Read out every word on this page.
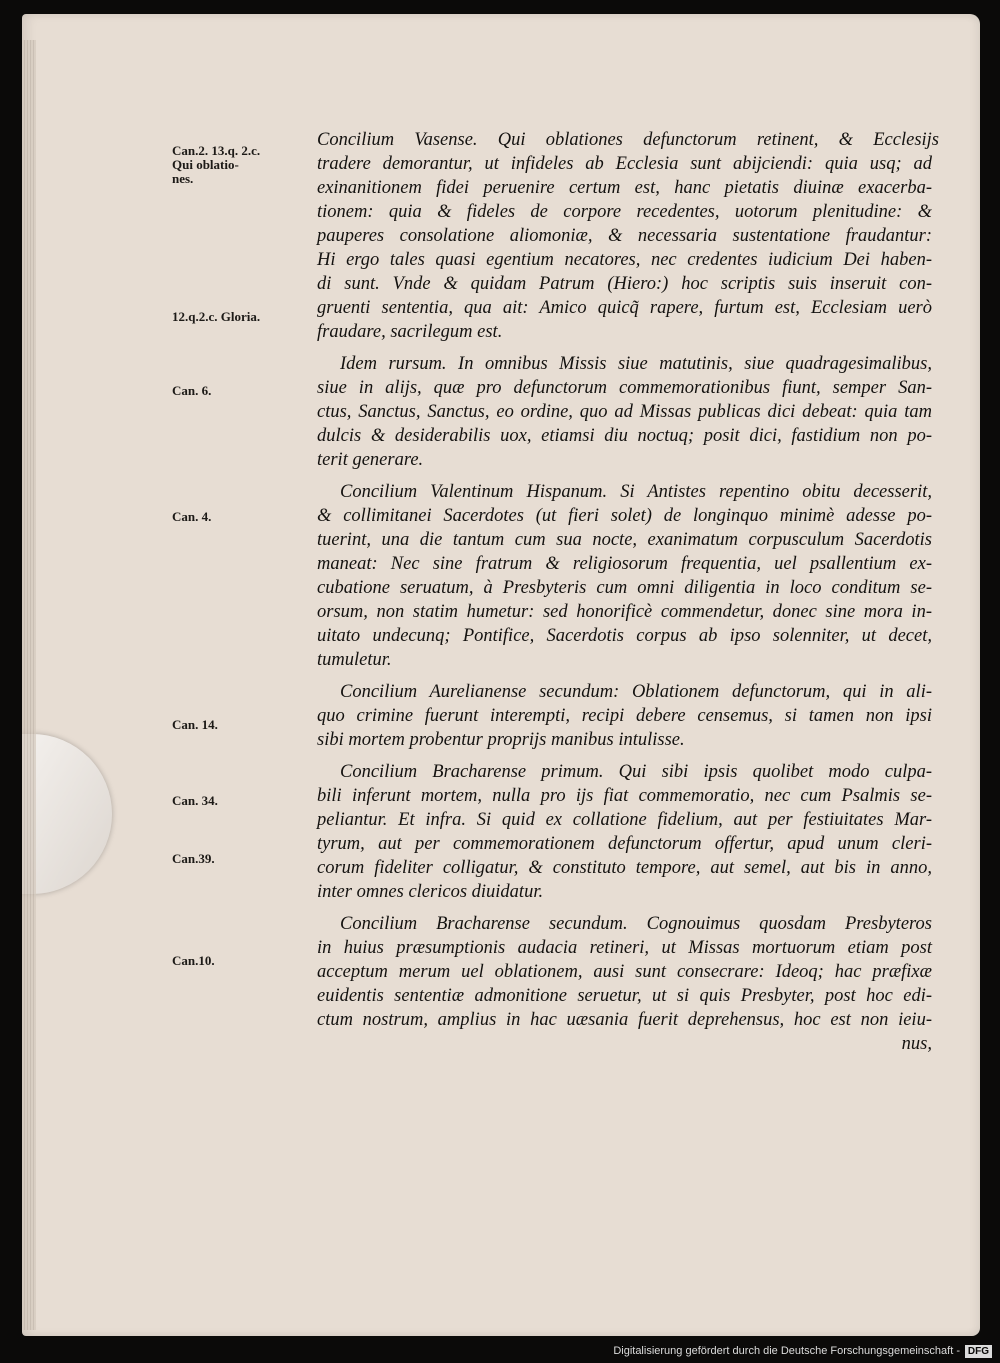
Can.2. 13.q. 2.c.
Qui oblatio-
nes.
12.q.2.c. Gloria.
Can. 6.
Can. 4.
Can. 14.
Can. 34.
Can.39.
Can.10.
Concilium Vasense. Qui oblationes defunctorum retinent, & Ecclesijs
tradere demorantur, ut infideles ab Ecclesia sunt abijciendi: quia usq; ad
exinanitionem fidei peruenire certum est, hanc pietatis diuinæ exacerba-
tionem: quia & fideles de corpore recedentes, uotorum plenitudine: &
pauperes consolatione aliomoniæ, & necessaria sustentatione fraudantur:
Hi ergo tales quasi egentium necatores, nec credentes iudicium Dei haben-
di sunt. Vnde & quidam Patrum (Hiero:) hoc scriptis suis inseruit con-
gruenti sententia, qua ait: Amico quicq̃ rapere, furtum est, Ecclesiam uerò
fraudare, sacrilegum est.
Idem rursum. In omnibus Missis siue matutinis, siue quadragesimalibus,
siue in alijs, quæ pro defunctorum commemorationibus fiunt, semper San-
ctus, Sanctus, Sanctus, eo ordine, quo ad Missas publicas dici debeat: quia tam
dulcis & desiderabilis uox, etiamsi diu noctuq; posit dici, fastidium non po-
terit generare.
Concilium Valentinum Hispanum. Si Antistes repentino obitu decesserit,
& collimitanei Sacerdotes (ut fieri solet) de longinquo minimè adesse po-
tuerint, una die tantum cum sua nocte, exanimatum corpusculum Sacerdotis
maneat: Nec sine fratrum & religiosorum frequentia, uel psallentium ex-
cubatione seruatum, à Presbyteris cum omni diligentia in loco conditum se-
orsum, non statim humetur: sed honorificè commendetur, donec sine mora in-
uitato undecunq; Pontifice, Sacerdotis corpus ab ipso solenniter, ut decet,
tumuletur.
Concilium Aurelianense secundum: Oblationem defunctorum, qui in ali-
quo crimine fuerunt interempti, recipi debere censemus, si tamen non ipsi
sibi mortem probentur proprijs manibus intulisse.
Concilium Bracharense primum. Qui sibi ipsis quolibet modo culpa-
bili inferunt mortem, nulla pro ijs fiat commemoratio, nec cum Psalmis se-
peliantur. Et infra. Si quid ex collatione fidelium, aut per festiuitates Mar-
tyrum, aut per commemorationem defunctorum offertur, apud unum cleri-
corum fideliter colligatur, & constituto tempore, aut semel, aut bis in anno,
inter omnes clericos diuidatur.
Concilium Bracharense secundum. Cognouimus quosdam Presbyteros
in huius præsumptionis audacia retineri, ut Missas mortuorum etiam post
acceptum merum uel oblationem, ausi sunt consecrare: Ideoq; hac præfixæ
euidentis sententiæ admonitione seruetur, ut si quis Presbyter, post hoc edi-
ctum nostrum, amplius in hac uæsania fuerit deprehensus, hoc est non ieiu-
nus,
Digitalisierung gefördert durch die Deutsche Forschungsgemeinschaft - DFG
